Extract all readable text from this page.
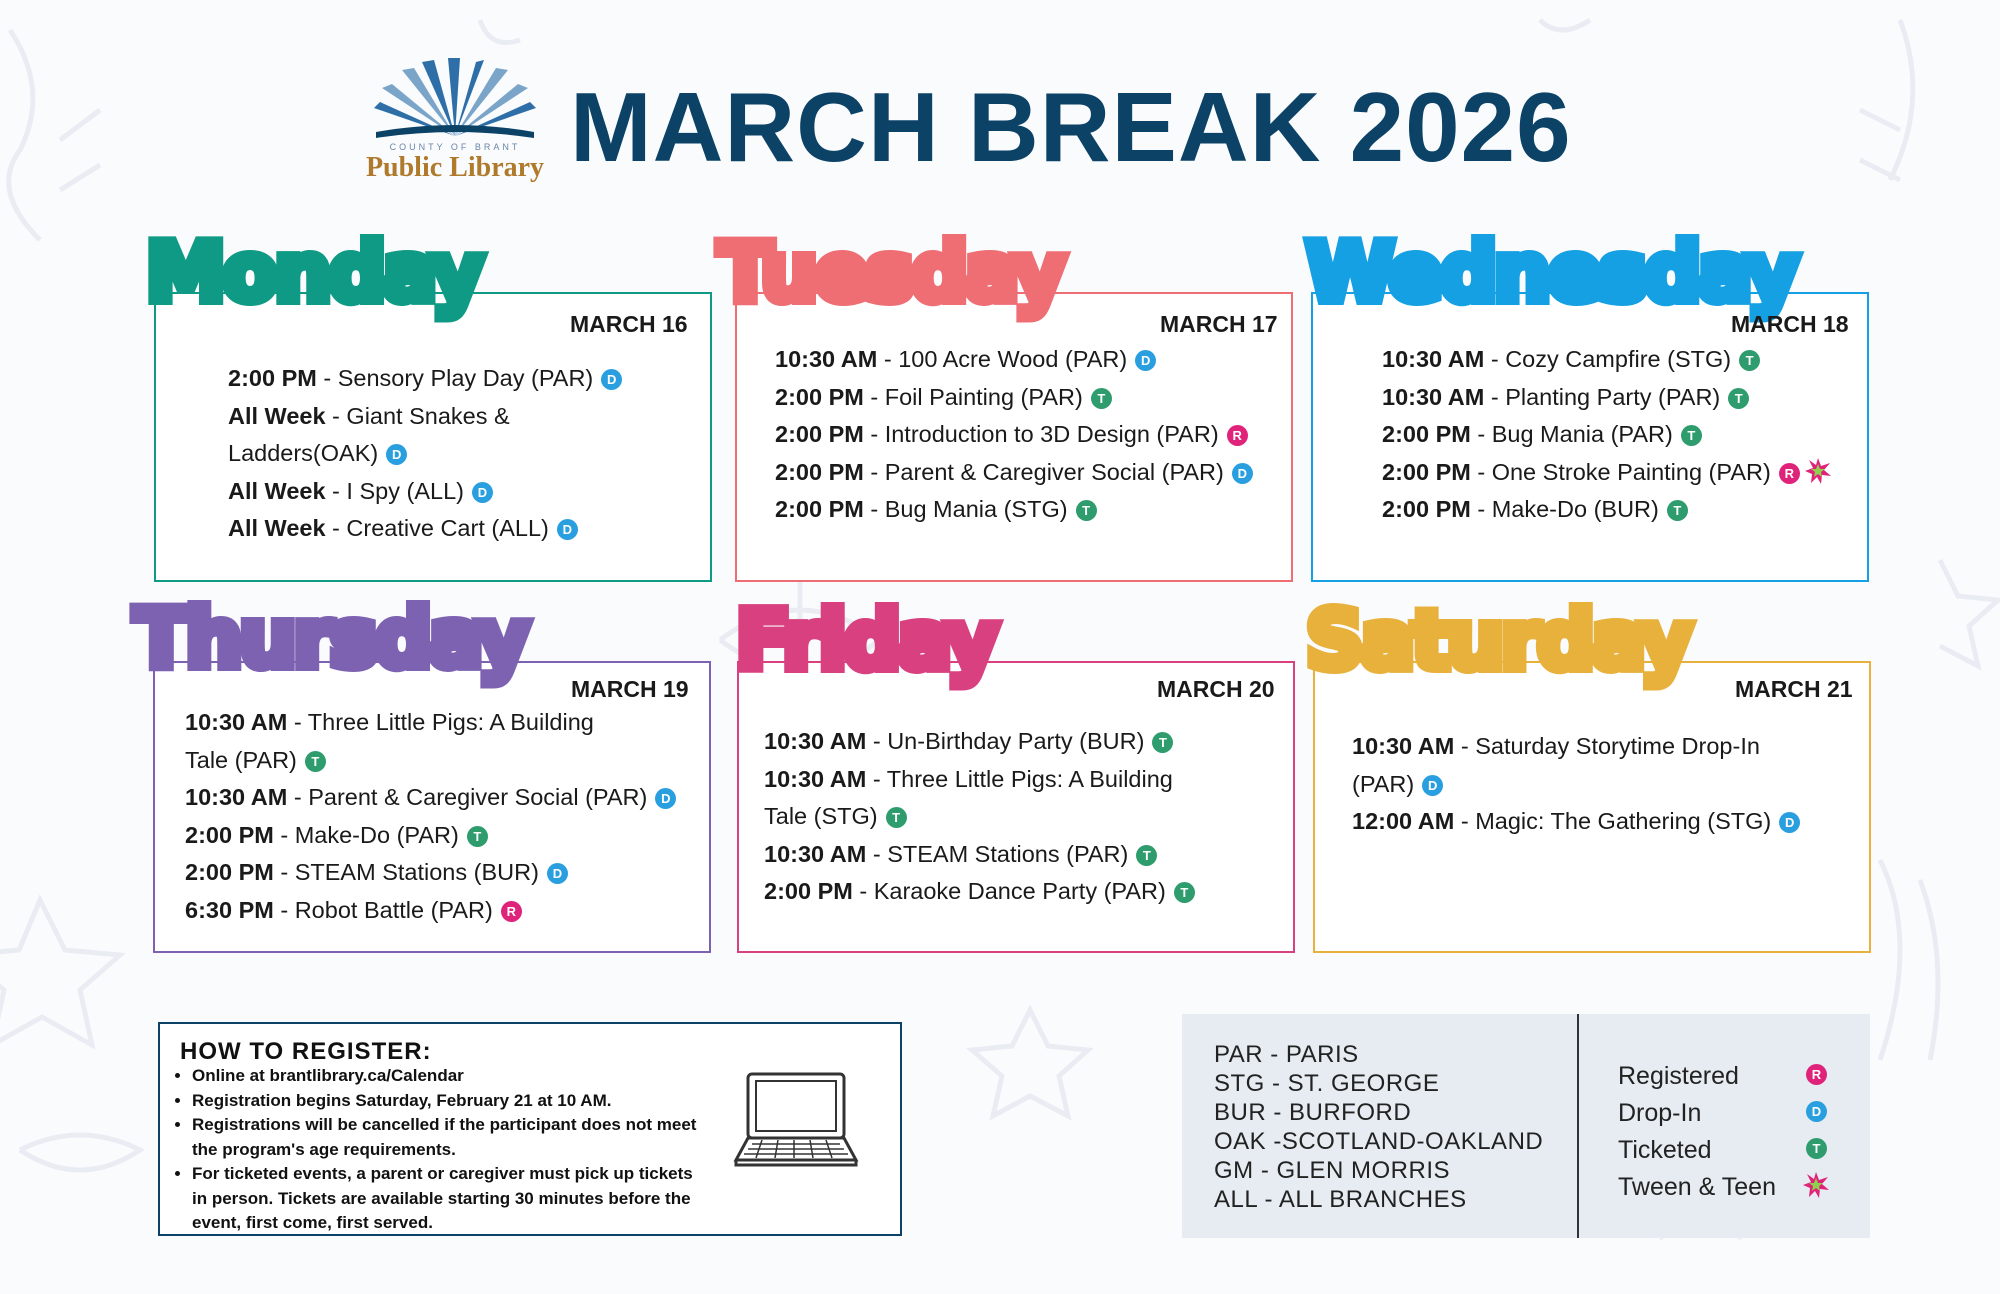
COUNTY OF BRANT
Public Library MARCH BREAK 2026
Monday	Tuesday	Wednesday
Thursday	Friday	Saturday
MARCH 16	MARCH 17	MARCH 18
MARCH 19	MARCH 20	MARCH 21
2:00 PM - Sensory Play Day (PAR) D
All Week - Giant Snakes &
Ladders(OAK) D
All Week - I Spy (ALL) D
All Week - Creative Cart (ALL) D
10:30 AM - 100 Acre Wood (PAR) D
2:00 PM - Foil Painting (PAR) T
2:00 PM - Introduction to 3D Design (PAR) R
2:00 PM - Parent & Caregiver Social (PAR) D
2:00 PM - Bug Mania (STG) T
10:30 AM - Cozy Campfire (STG) T
10:30 AM - Planting Party (PAR) T
2:00 PM - Bug Mania (PAR) T
2:00 PM - One Stroke Painting (PAR) R
2:00 PM - Make-Do (BUR) T
10:30 AM - Three Little Pigs: A Building
Tale (PAR) T
10:30 AM - Parent & Caregiver Social (PAR) D
2:00 PM - Make-Do (PAR) T
2:00 PM - STEAM Stations (BUR) D
6:30 PM - Robot Battle (PAR) R
10:30 AM - Un-Birthday Party (BUR) T
10:30 AM - Three Little Pigs: A Building
Tale (STG) T
10:30 AM - STEAM Stations (PAR) T
2:00 PM - Karaoke Dance Party (PAR) T
10:30 AM - Saturday Storytime Drop-In
(PAR) D
12:00 AM - Magic: The Gathering (STG) D
HOW TO REGISTER:
• Online at brantlibrary.ca/Calendar
• Registration begins Saturday, February 21 at 10 AM.
• Registrations will be cancelled if the participant does not meet the program's age requirements.
• For ticketed events, a parent or caregiver must pick up tickets in person. Tickets are available starting 30 minutes before the event, first come, first served.
PAR - PARIS
STG - ST. GEORGE
BUR - BURFORD
OAK -SCOTLAND-OAKLAND
GM - GLEN MORRIS
ALL - ALL BRANCHES
Registered	R
Drop-In	D
Ticketed	T
Tween & Teen
